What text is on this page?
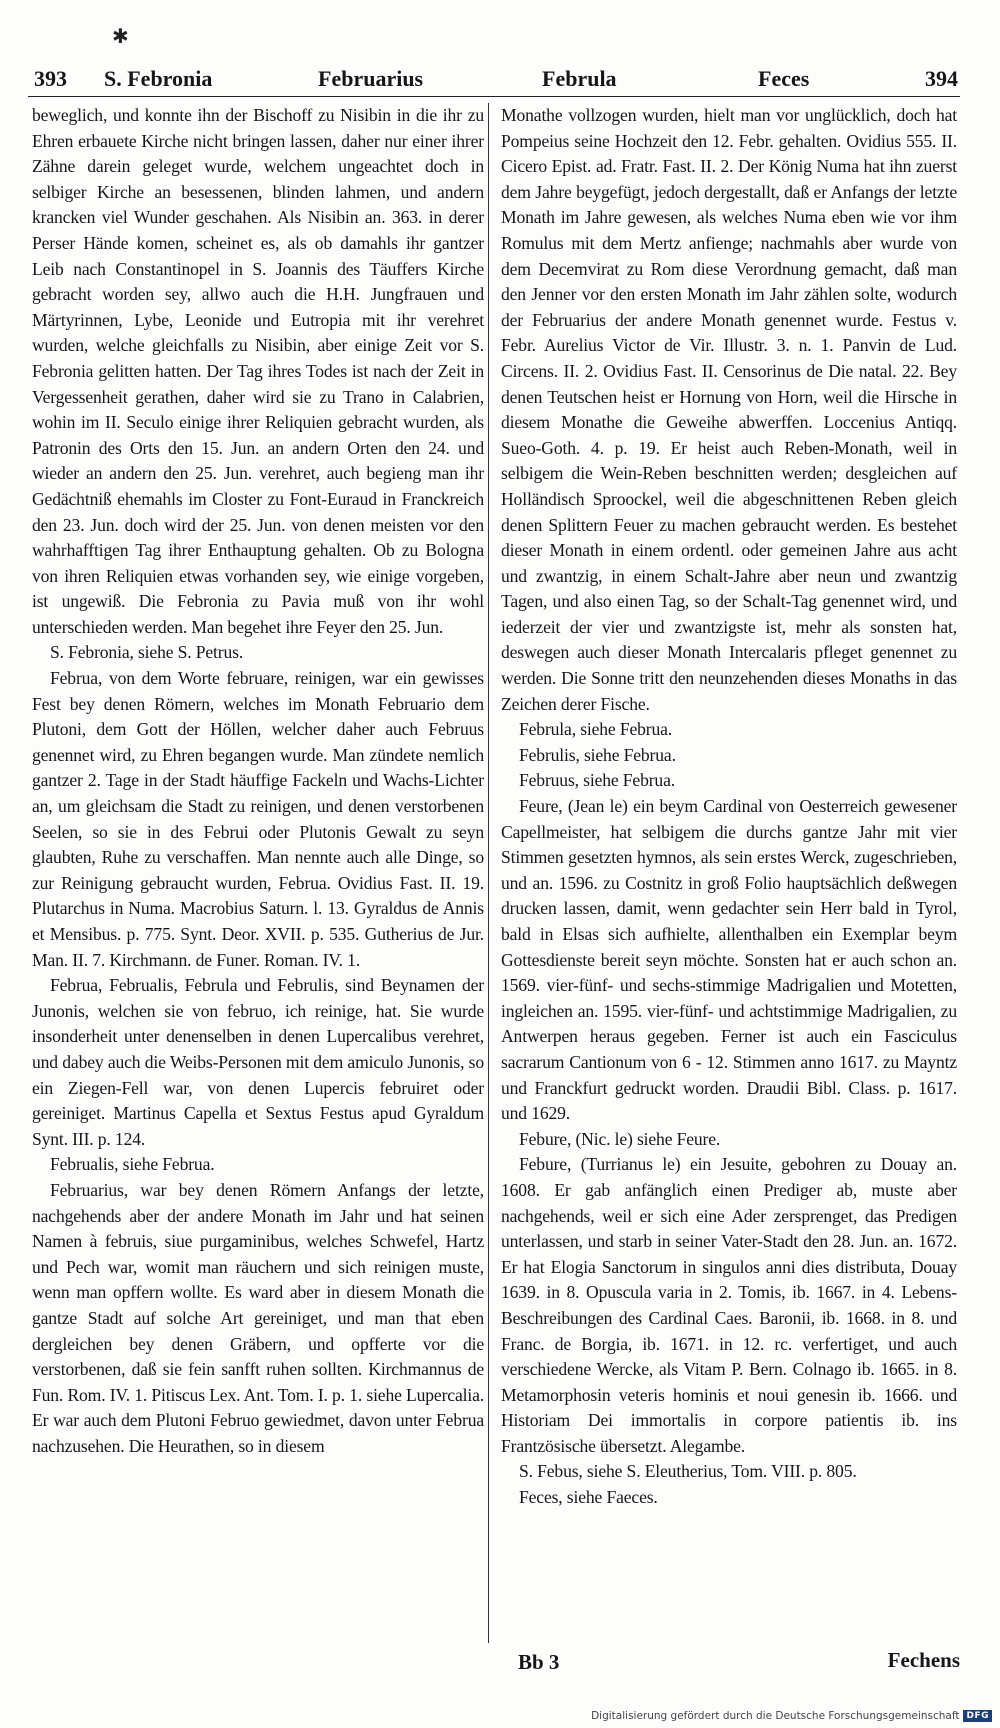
✱
393 S. Febronia	Februarius	Februla	Feces	394

beweglich, und konnte ihn der Bischoff zu Nisibin in die ihr zu Ehren erbauete Kirche nicht bringen lassen, daher nur einer ihrer Zähne darein geleget wurde, welchem ungeachtet doch in selbiger Kirche an besessenen, blinden lahmen, und andern krancken viel Wunder geschahen. Als Nisibin an. 363. in derer Perser Hände komen, scheinet es, als ob damahls ihr gantzer Leib nach Constantinopel in S. Joannis des Täuffers Kirche gebracht worden sey, allwo auch die H.H. Jungfrauen und Märtyrinnen, Lybe, Leonide und Eutropia mit ihr verehret wurden, welche gleichfalls zu Nisibin, aber einige Zeit vor S. Febronia gelitten hatten. Der Tag ihres Todes ist nach der Zeit in Vergessenheit gerathen, daher wird sie zu Trano in Calabrien, wohin im II. Seculo einige ihrer Reliquien gebracht wurden, als Patronin des Orts den 15. Jun. an andern Orten den 24. und wieder an andern den 25. Jun. verehret, auch begieng man ihr Gedächtniß ehemahls im Closter zu Font-Euraud in Franckreich den 23. Jun. doch wird der 25. Jun. von denen meisten vor den wahrhafftigen Tag ihrer Enthauptung gehalten. Ob zu Bologna von ihren Reliquien etwas vorhanden sey, wie einige vorgeben, ist ungewiß. Die Febronia zu Pavia muß von ihr wohl unterschieden werden. Man begehet ihre Feyer den 25. Jun.

S. Febronia, siehe S. Petrus.

Februa, von dem Worte februare, reinigen, war ein gewisses Fest bey denen Römern, welches im Monath Februario dem Plutoni, dem Gott der Höllen, welcher daher auch Februus genennet wird, zu Ehren begangen wurde. Man zündete nemlich gantzer 2. Tage in der Stadt häuffige Fackeln und Wachs-Lichter an, um gleichsam die Stadt zu reinigen, und denen verstorbenen Seelen, so sie in des Februi oder Plutonis Gewalt zu seyn glaubten, Ruhe zu verschaffen. Man nennte auch alle Dinge, so zur Reinigung gebraucht wurden, Februa. Ovidius Fast. II. 19. Plutarchus in Numa. Macrobius Saturn. l. 13. Gyraldus de Annis et Mensibus. p. 775. Synt. Deor. XVII. p. 535. Gutherius de Jur. Man. II. 7. Kirchmann. de Funer. Roman. IV. 1.

Februa, Februalis, Februla und Februlis, sind Beynamen der Junonis, welchen sie von februo, ich reinige, hat. Sie wurde insonderheit unter denenselben in denen Lupercalibus verehret, und dabey auch die Weibs-Personen mit dem amiculo Junonis, so ein Ziegen-Fell war, von denen Lupercis februiret oder gereiniget. Martinus Capella et Sextus Festus apud Gyraldum Synt. III. p. 124.

Februalis, siehe Februa.

Februarius, war bey denen Römern Anfangs der letzte, nachgehends aber der andere Monath im Jahr und hat seinen Namen à februis, siue purgaminibus, welches Schwefel, Hartz und Pech war, womit man räuchern und sich reinigen muste, wenn man opffern wollte. Es ward aber in diesem Monath die gantze Stadt auf solche Art gereiniget, und man that eben dergleichen bey denen Gräbern, und opfferte vor die verstorbenen, daß sie fein sanfft ruhen sollten. Kirchmannus de Fun. Rom. IV. 1. Pitiscus Lex. Ant. Tom. I. p. 1. siehe Lupercalia. Er war auch dem Plutoni Februo gewiedmet, davon unter Februa nachzusehen. Die Heurathen, so in diesem

Monathe vollzogen wurden, hielt man vor unglücklich, doch hat Pompeius seine Hochzeit den 12. Febr. gehalten. Ovidius 555. II. Cicero Epist. ad. Fratr. Fast. II. 2. Der König Numa hat ihn zuerst dem Jahre beygefügt, jedoch dergestallt, daß er Anfangs der letzte Monath im Jahre gewesen, als welches Numa eben wie vor ihm Romulus mit dem Mertz anfienge; nachmahls aber wurde von dem Decemvirat zu Rom diese Verordnung gemacht, daß man den Jenner vor den ersten Monath im Jahr zählen solte, wodurch der Februarius der andere Monath genennet wurde. Festus v. Febr. Aurelius Victor de Vir. Illustr. 3. n. 1. Panvin de Lud. Circens. II. 2. Ovidius Fast. II. Censorinus de Die natal. 22. Bey denen Teutschen heist er Hornung von Horn, weil die Hirsche in diesem Monathe die Geweihe abwerffen. Loccenius Antiqq. Sueo-Goth. 4. p. 19. Er heist auch Reben-Monath, weil in selbigem die Wein-Reben beschnitten werden; desgleichen auf Holländisch Sproockel, weil die abgeschnittenen Reben gleich denen Splittern Feuer zu machen gebraucht werden. Es bestehet dieser Monath in einem ordentl. oder gemeinen Jahre aus acht und zwantzig, in einem Schalt-Jahre aber neun und zwantzig Tagen, und also einen Tag, so der Schalt-Tag genennet wird, und iederzeit der vier und zwantzigste ist, mehr als sonsten hat, deswegen auch dieser Monath Intercalaris pfleget genennet zu werden. Die Sonne tritt den neunzehenden dieses Monaths in das Zeichen derer Fische.

Februla, siehe Februa.

Februlis, siehe Februa.

Februus, siehe Februa.

Feure, (Jean le) ein beym Cardinal von Oesterreich gewesener Capellmeister, hat selbigem die durchs gantze Jahr mit vier Stimmen gesetzten hymnos, als sein erstes Werck, zugeschrieben, und an. 1596. zu Costnitz in groß Folio hauptsächlich deßwegen drucken lassen, damit, wenn gedachter sein Herr bald in Tyrol, bald in Elsas sich aufhielte, allenthalben ein Exemplar beym Gottesdienste bereit seyn möchte. Sonsten hat er auch schon an. 1569. vier-fünf- und sechs-stimmige Madrigalien und Motetten, ingleichen an. 1595. vier-fünf- und achtstimmige Madrigalien, zu Antwerpen heraus gegeben. Ferner ist auch ein Fasciculus sacrarum Cantionum von 6 - 12. Stimmen anno 1617. zu Mayntz und Franckfurt gedruckt worden. Draudii Bibl. Class. p. 1617. und 1629.

Febure, (Nic. le) siehe Feure.

Febure, (Turrianus le) ein Jesuite, gebohren zu Douay an. 1608. Er gab anfänglich einen Prediger ab, muste aber nachgehends, weil er sich eine Ader zersprenget, das Predigen unterlassen, und starb in seiner Vater-Stadt den 28. Jun. an. 1672. Er hat Elogia Sanctorum in singulos anni dies distributa, Douay 1639. in 8. Opuscula varia in 2. Tomis, ib. 1667. in 4. Lebens-Beschreibungen des Cardinal Caes. Baronii, ib. 1668. in 8. und Franc. de Borgia, ib. 1671. in 12. rc. verfertiget, und auch verschiedene Wercke, als Vitam P. Bern. Colnago ib. 1665. in 8. Metamorphosin veteris hominis et noui genesin ib. 1666. und Historiam Dei immortalis in corpore patientis ib. ins Frantzösische übersetzt. Alegambe.

S. Febus, siehe S. Eleutherius, Tom. VIII. p. 805.

Feces, siehe Faeces.

Bb 3	Fechens
Digitalisierung gefördert durch die Deutsche Forschungsgemeinschaft DFG
